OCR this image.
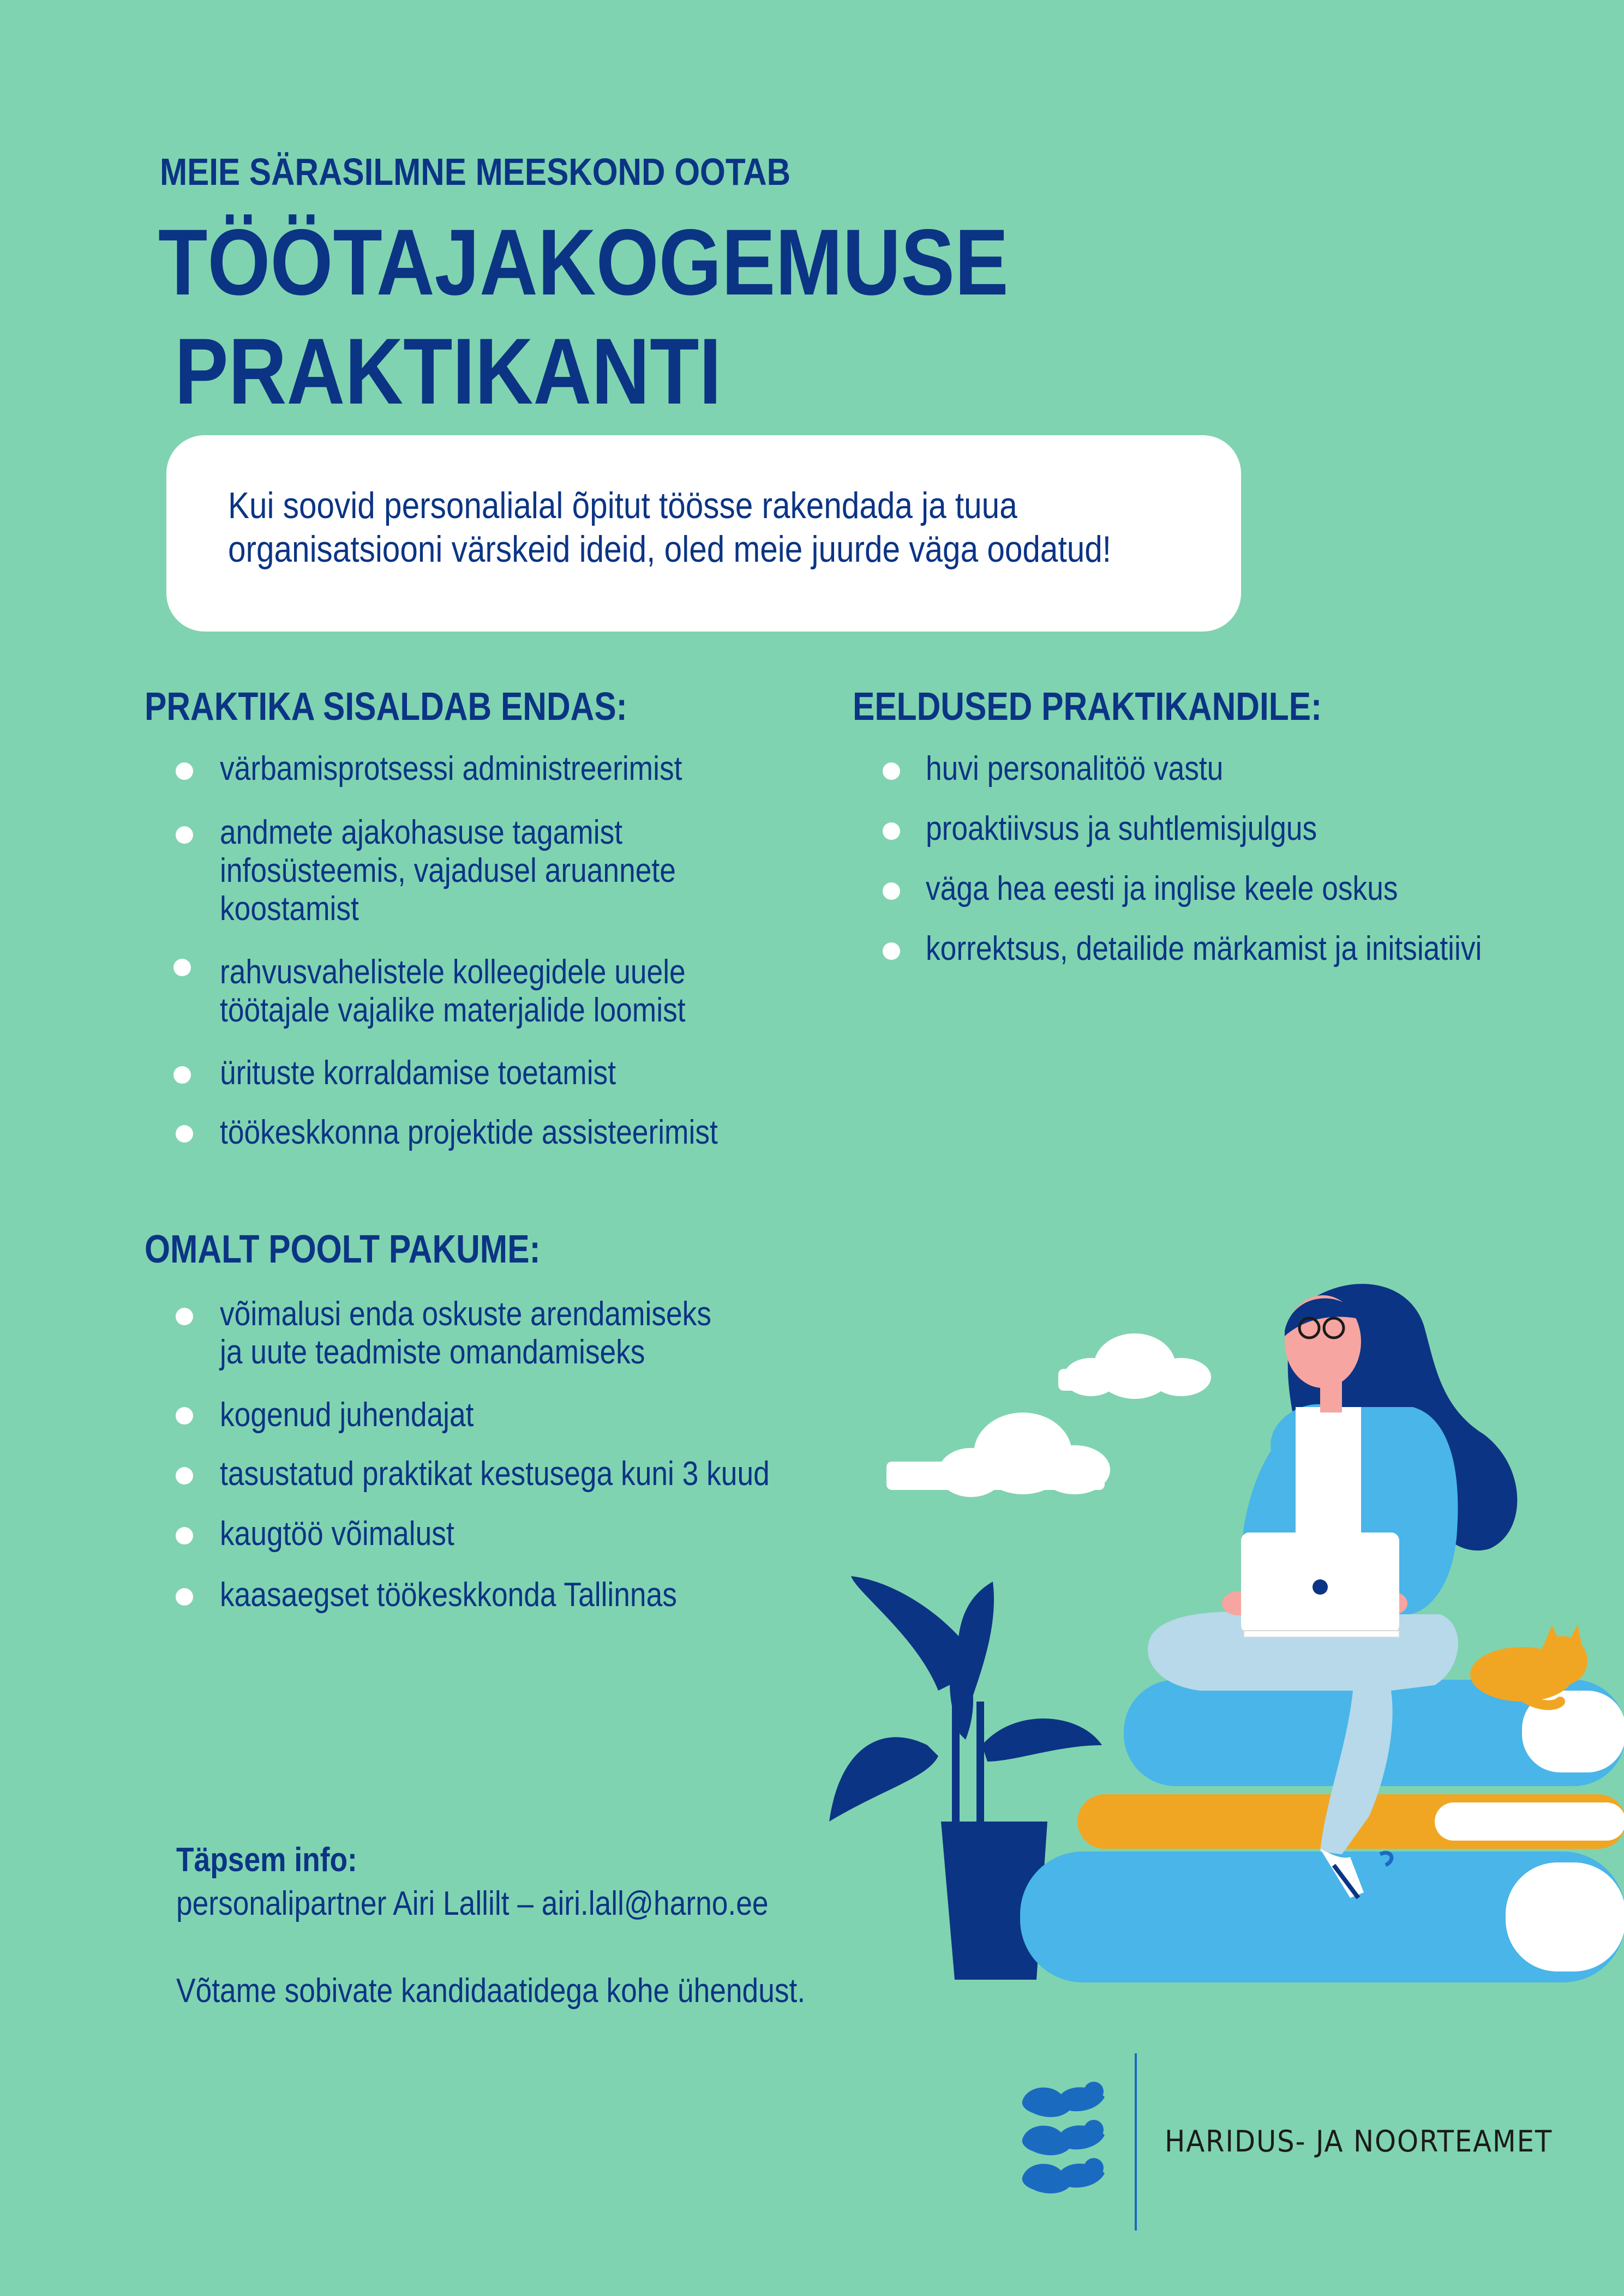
MEIE SÄRASILMNE MEESKOND OOTAB
TÖÖTAJAKOGEMUSE
PRAKTIKANTI
Kui soovid personalialal õpitut töösse rakendada ja tuua
organisatsiooni värskeid ideid, oled meie juurde väga oodatud!
PRAKTIKA SISALDAB ENDAS:
värbamisprotsessi administreerimist
andmete ajakohasuse tagamist
infosüsteemis, vajadusel aruannete
koostamist
rahvusvahelistele kolleegidele uuele
töötajale vajalike materjalide loomist
ürituste korraldamise toetamist
töökeskkonna projektide assisteerimist
EELDUSED PRAKTIKANDILE:
huvi personalitöö vastu
proaktiivsus ja suhtlemisjulgus
väga hea eesti ja inglise keele oskus
korrektsus, detailide märkamist ja initsiatiivi
OMALT POOLT PAKUME:
võimalusi enda oskuste arendamiseks
ja uute teadmiste omandamiseks
kogenud juhendajat
tasustatud praktikat kestusega kuni 3 kuud
kaugtöö võimalust
kaasaegset töökeskkonda Tallinnas
Täpsem info:
personalipartner Airi Lallilt – airi.lall@harno.ee
Võtame sobivate kandidaatidega kohe ühendust.
HARIDUS- JA NOORTEAMET
